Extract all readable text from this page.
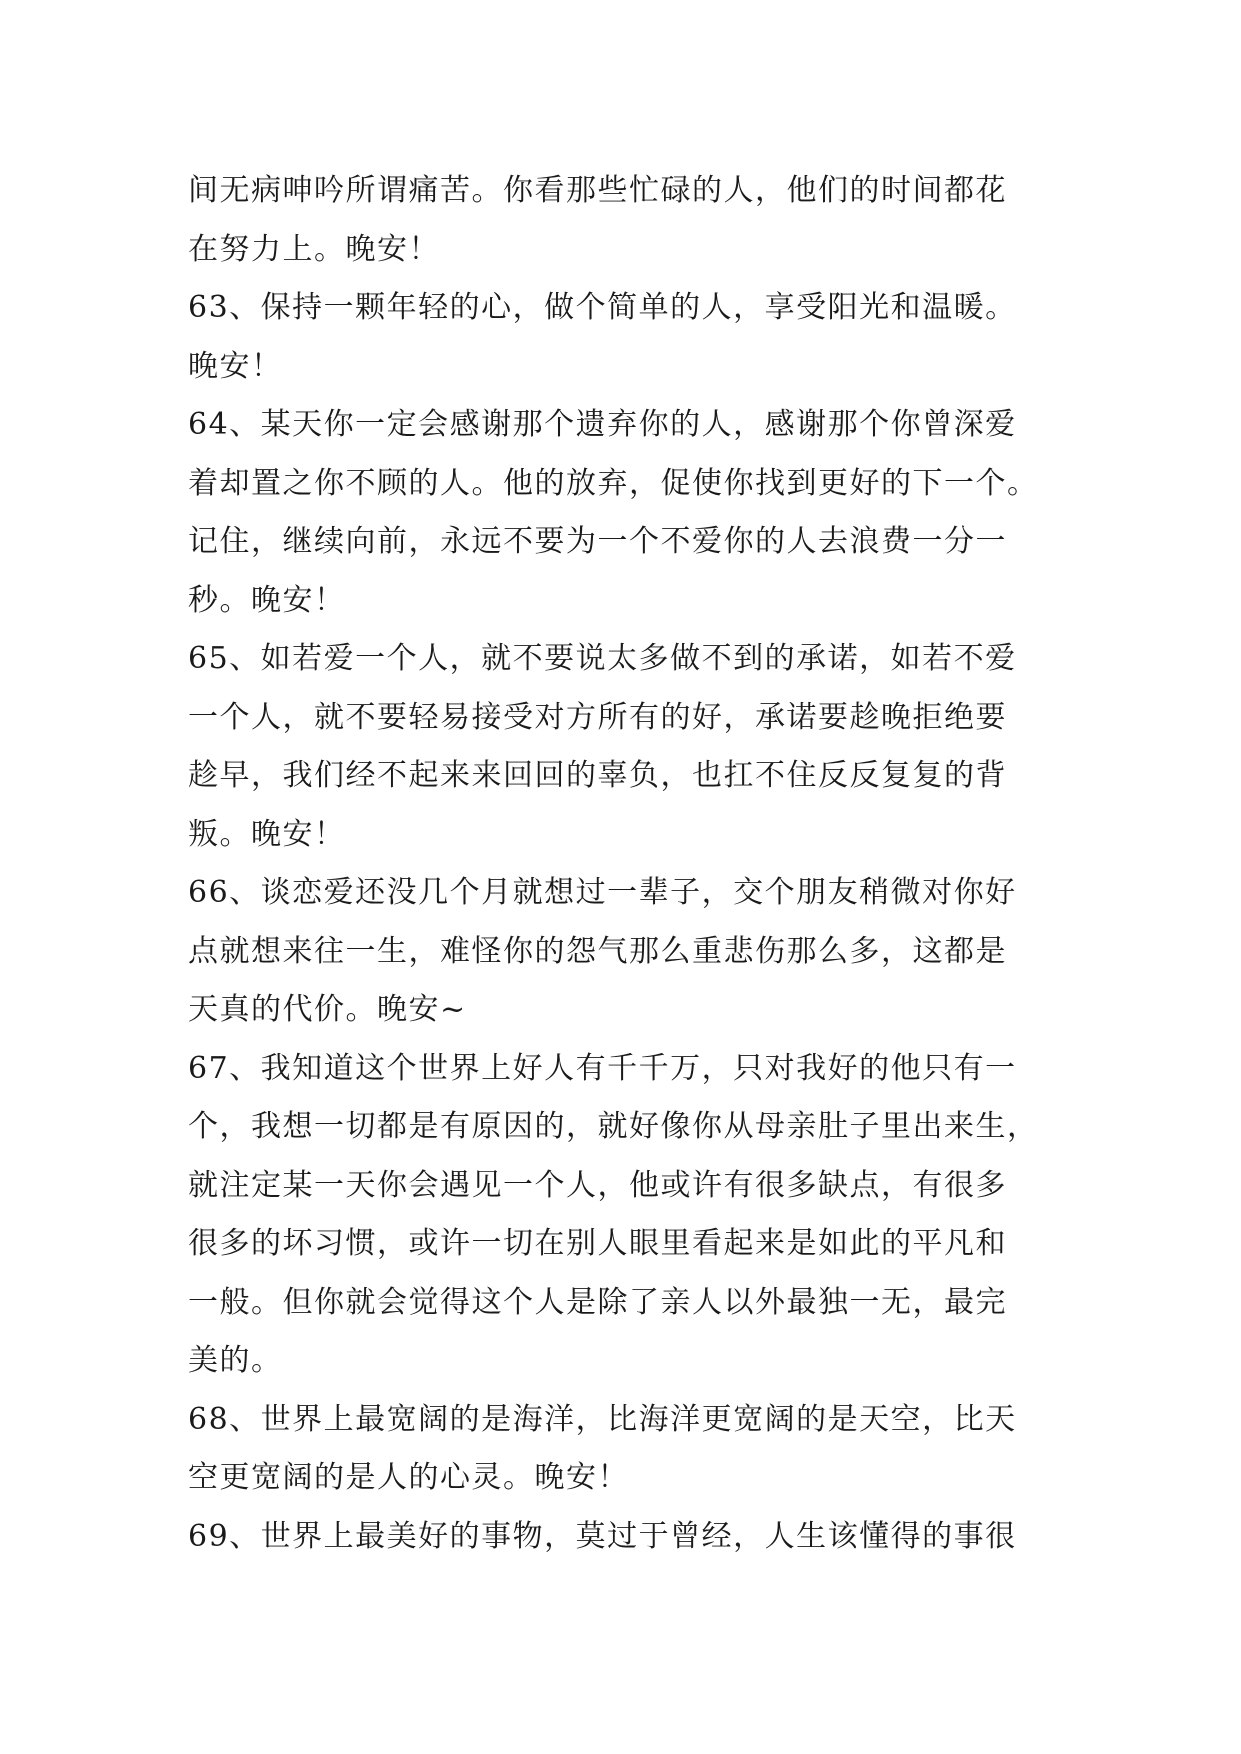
间无病呻吟所谓痛苦。你看那些忙碌的人，他们的时间都花
在努力上。晚安！
63、保持一颗年轻的心，做个简单的人，享受阳光和温暖。
晚安！
64、某天你一定会感谢那个遗弃你的人，感谢那个你曾深爱
着却置之你不顾的人。他的放弃，促使你找到更好的下一个。
记住，继续向前，永远不要为一个不爱你的人去浪费一分一
秒。晚安！
65、如若爱一个人，就不要说太多做不到的承诺，如若不爱
一个人，就不要轻易接受对方所有的好，承诺要趁晚拒绝要
趁早，我们经不起来来回回的辜负，也扛不住反反复复的背
叛。晚安！
66、谈恋爱还没几个月就想过一辈子，交个朋友稍微对你好
点就想来往一生，难怪你的怨气那么重悲伤那么多，这都是
天真的代价。晚安~
67、我知道这个世界上好人有千千万，只对我好的他只有一
个，我想一切都是有原因的，就好像你从母亲肚子里出来生，
就注定某一天你会遇见一个人，他或许有很多缺点，有很多
很多的坏习惯，或许一切在别人眼里看起来是如此的平凡和
一般。但你就会觉得这个人是除了亲人以外最独一无，最完
美的。
68、世界上最宽阔的是海洋，比海洋更宽阔的是天空，比天
空更宽阔的是人的心灵。晚安！
69、世界上最美好的事物，莫过于曾经，人生该懂得的事很
